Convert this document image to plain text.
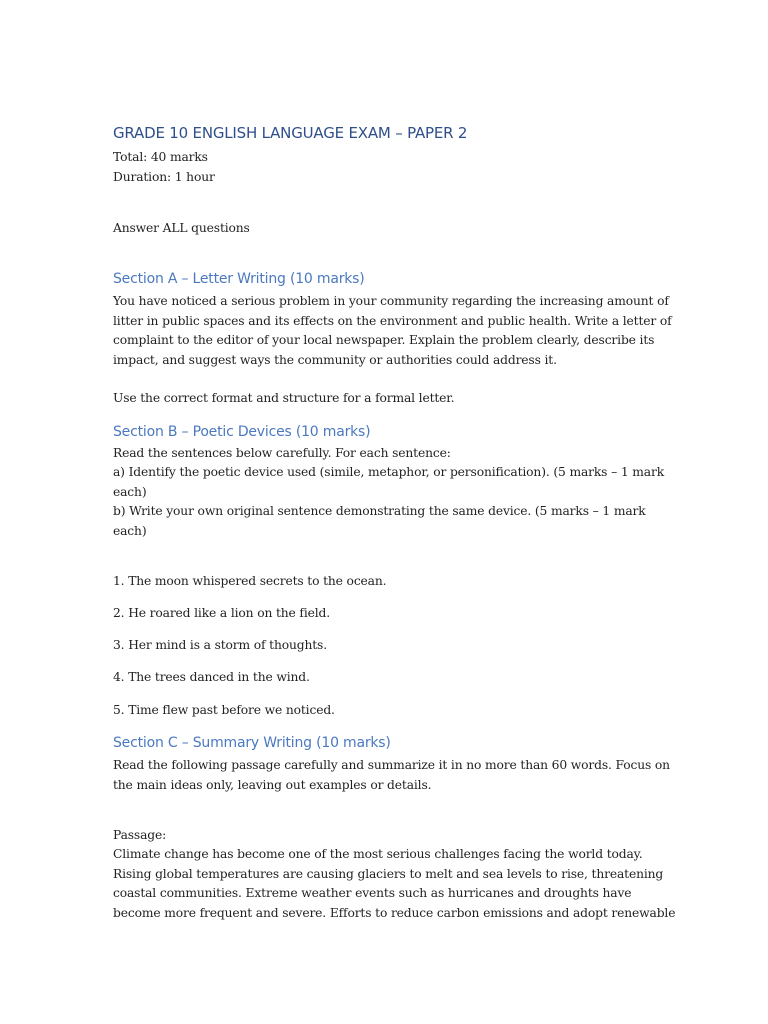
GRADE 10 ENGLISH LANGUAGE EXAM – PAPER 2

Total: 40 marks

Duration: 1 hour

Answer ALL questions

Section A – Letter Writing (10 marks)

You have noticed a serious problem in your community regarding the increasing amount of
litter in public spaces and its effects on the environment and public health. Write a letter of
complaint to the editor of your local newspaper. Explain the problem clearly, describe its
impact, and suggest ways the community or authorities could address it.

Use the correct format and structure for a formal letter.

Section B – Poetic Devices (10 marks)

Read the sentences below carefully. For each sentence:

a) Identify the poetic device used (simile, metaphor, or personification). (5 marks – 1 mark
each)

b) Write your own original sentence demonstrating the same device. (5 marks – 1 mark
each)

1. The moon whispered secrets to the ocean.

2. He roared like a lion on the field.

3. Her mind is a storm of thoughts.

4. The trees danced in the wind.

5. Time flew past before we noticed.

Section C – Summary Writing (10 marks)

Read the following passage carefully and summarize it in no more than 60 words. Focus on
the main ideas only, leaving out examples or details.

Passage:

Climate change has become one of the most serious challenges facing the world today.
Rising global temperatures are causing glaciers to melt and sea levels to rise, threatening
coastal communities. Extreme weather events such as hurricanes and droughts have
become more frequent and severe. Efforts to reduce carbon emissions and adopt renewable
